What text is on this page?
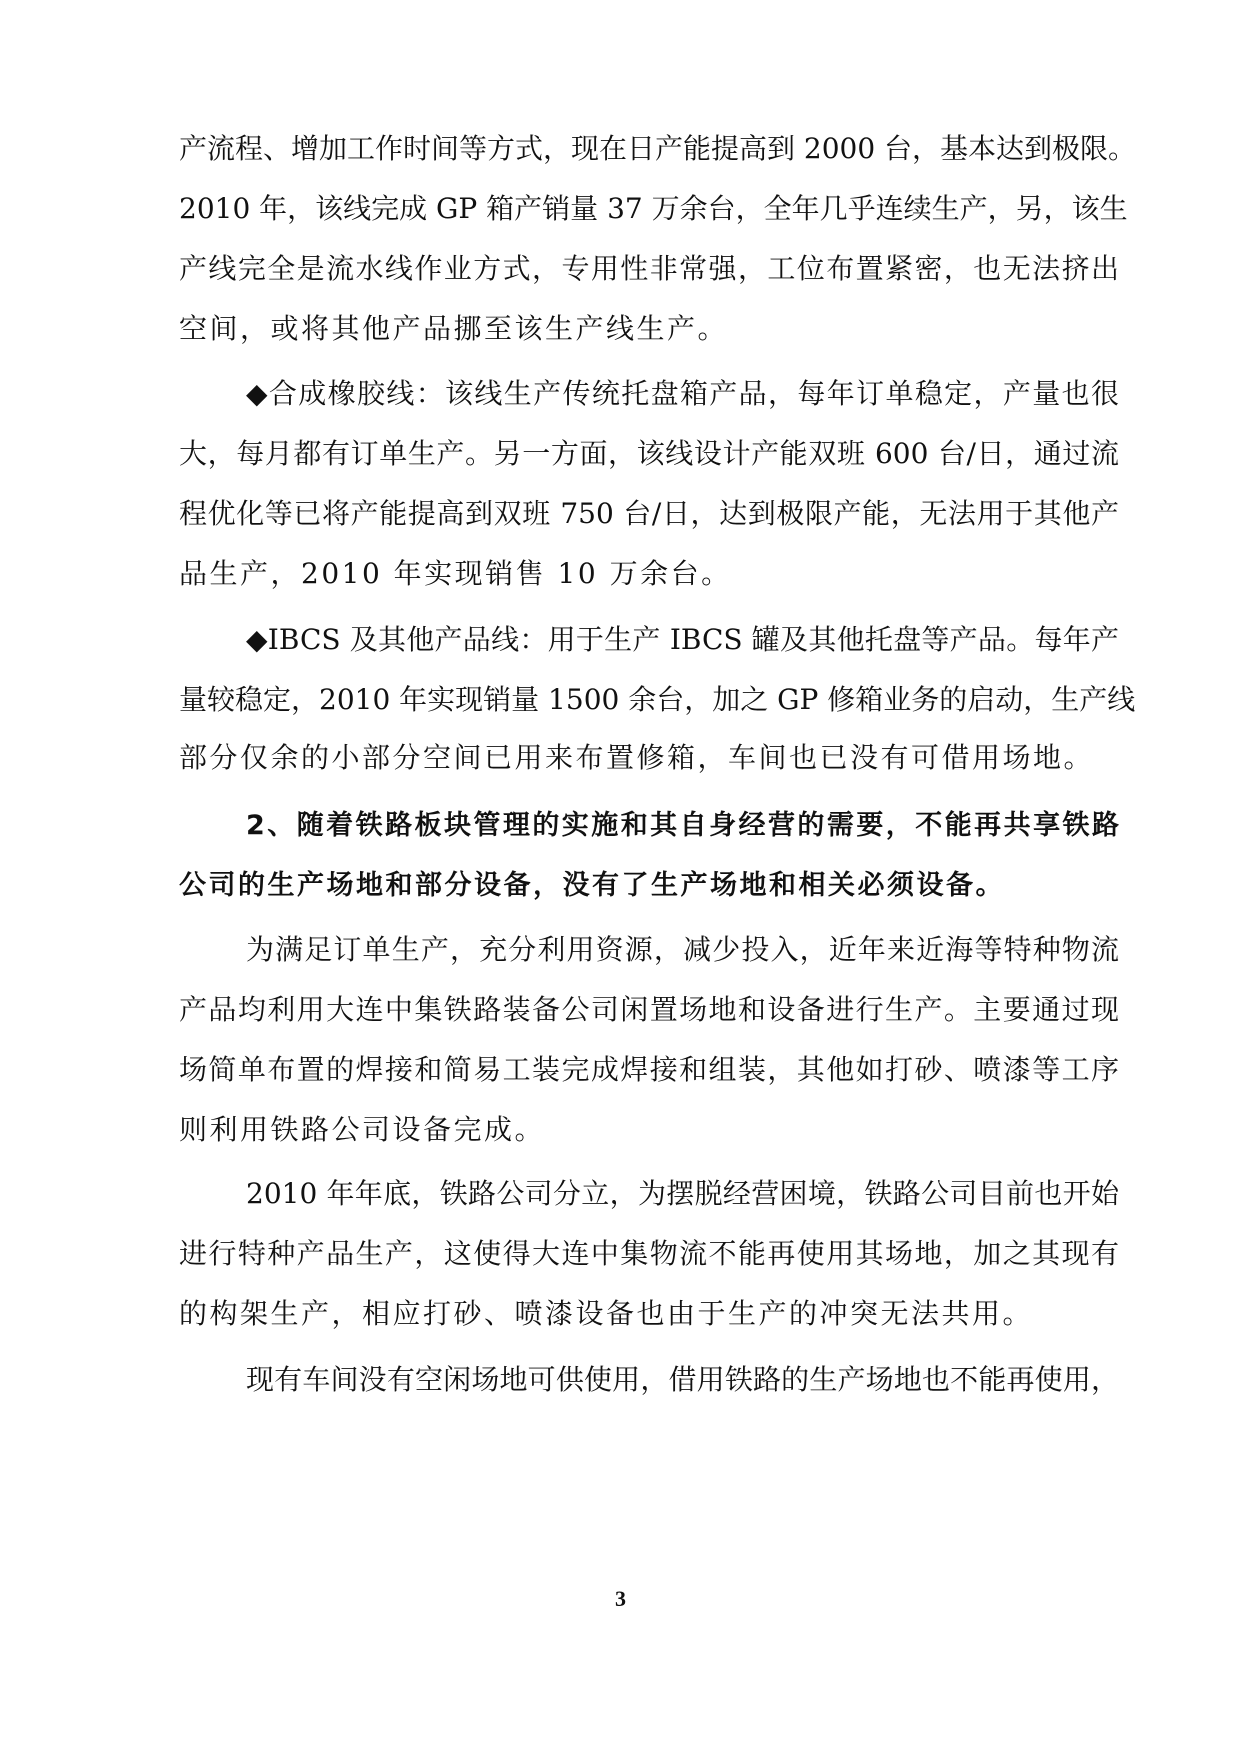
产流程、增加工作时间等方式，现在日产能提高到 2000 台，基本达到极限。
2010 年，该线完成 GP 箱产销量 37 万余台，全年几乎连续生产，另，该生
产线完全是流水线作业方式，专用性非常强，工位布置紧密，也无法挤出
空间，或将其他产品挪至该生产线生产。
◆合成橡胶线：该线生产传统托盘箱产品，每年订单稳定，产量也很
大，每月都有订单生产。另一方面，该线设计产能双班 600 台/日，通过流
程优化等已将产能提高到双班 750 台/日，达到极限产能，无法用于其他产
品生产，2010 年实现销售 10 万余台。
◆IBCS 及其他产品线：用于生产 IBCS 罐及其他托盘等产品。每年产
量较稳定，2010 年实现销量 1500 余台，加之 GP 修箱业务的启动，生产线
部分仅余的小部分空间已用来布置修箱，车间也已没有可借用场地。
2、随着铁路板块管理的实施和其自身经营的需要，不能再共享铁路
公司的生产场地和部分设备，没有了生产场地和相关必须设备。
为满足订单生产，充分利用资源，减少投入，近年来近海等特种物流
产品均利用大连中集铁路装备公司闲置场地和设备进行生产。主要通过现
场简单布置的焊接和简易工装完成焊接和组装，其他如打砂、喷漆等工序
则利用铁路公司设备完成。
2010 年年底，铁路公司分立，为摆脱经营困境，铁路公司目前也开始
进行特种产品生产，这使得大连中集物流不能再使用其场地，加之其现有
的构架生产，相应打砂、喷漆设备也由于生产的冲突无法共用。
现有车间没有空闲场地可供使用，借用铁路的生产场地也不能再使用，
3
